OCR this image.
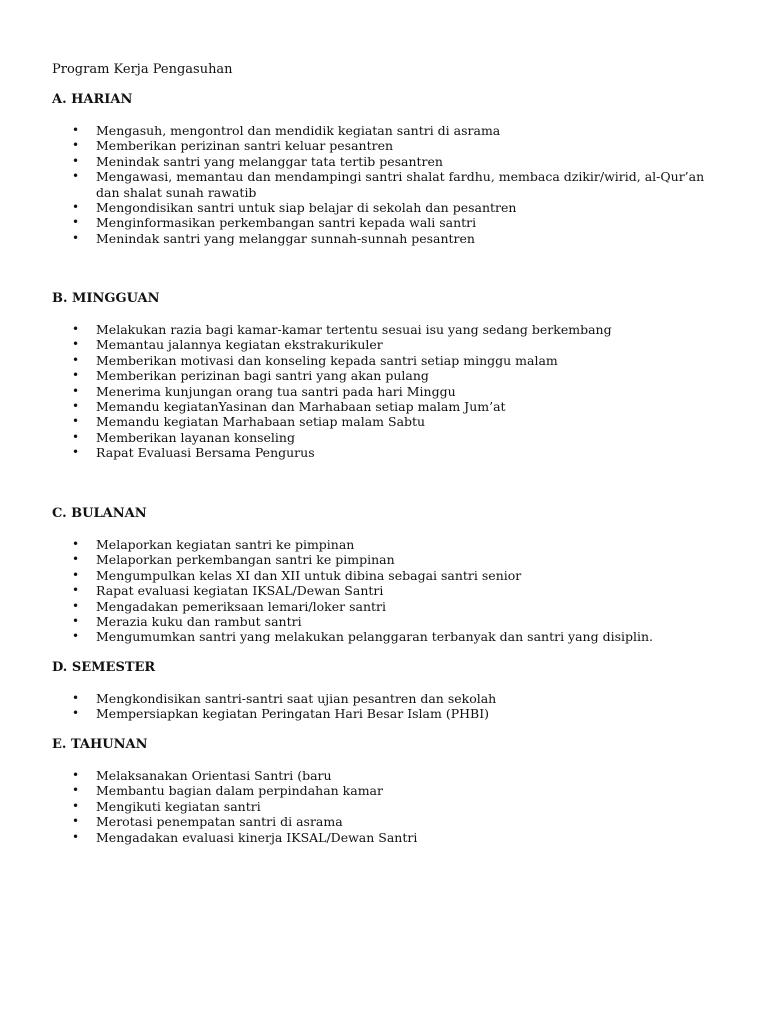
Program Kerja Pengasuhan
A. HARIAN
• Mengasuh, mengontrol dan mendidik kegiatan santri di asrama
• Memberikan perizinan santri keluar pesantren
• Menindak santri yang melanggar tata tertib pesantren
• Mengawasi, memantau dan mendampingi santri shalat fardhu, membaca dzikir/wirid, al-Qur’an dan shalat sunah rawatib
• Mengondisikan santri untuk siap belajar di sekolah dan pesantren
• Menginformasikan perkembangan santri kepada wali santri
• Menindak santri yang melanggar sunnah-sunnah pesantren
B. MINGGUAN
• Melakukan razia bagi kamar-kamar tertentu sesuai isu yang sedang berkembang
• Memantau jalannya kegiatan ekstrakurikuler
• Memberikan motivasi dan konseling kepada santri setiap minggu malam
• Memberikan perizinan bagi santri yang akan pulang
• Menerima kunjungan orang tua santri pada hari Minggu
• Memandu kegiatanYasinan dan Marhabaan setiap malam Jum’at
• Memandu kegiatan Marhabaan setiap malam Sabtu
• Memberikan layanan konseling
• Rapat Evaluasi Bersama Pengurus
C. BULANAN
• Melaporkan kegiatan santri ke pimpinan
• Melaporkan perkembangan santri ke pimpinan
• Mengumpulkan kelas XI dan XII untuk dibina sebagai santri senior
• Rapat evaluasi kegiatan IKSAL/Dewan Santri
• Mengadakan pemeriksaan lemari/loker santri
• Merazia kuku dan rambut santri
• Mengumumkan santri yang melakukan pelanggaran terbanyak dan santri yang disiplin.
D. SEMESTER
• Mengkondisikan santri-santri saat ujian pesantren dan sekolah
• Mempersiapkan kegiatan Peringatan Hari Besar Islam (PHBI)
E. TAHUNAN
• Melaksanakan Orientasi Santri (baru
• Membantu bagian dalam perpindahan kamar
• Mengikuti kegiatan santri
• Merotasi penempatan santri di asrama
• Mengadakan evaluasi kinerja IKSAL/Dewan Santri
